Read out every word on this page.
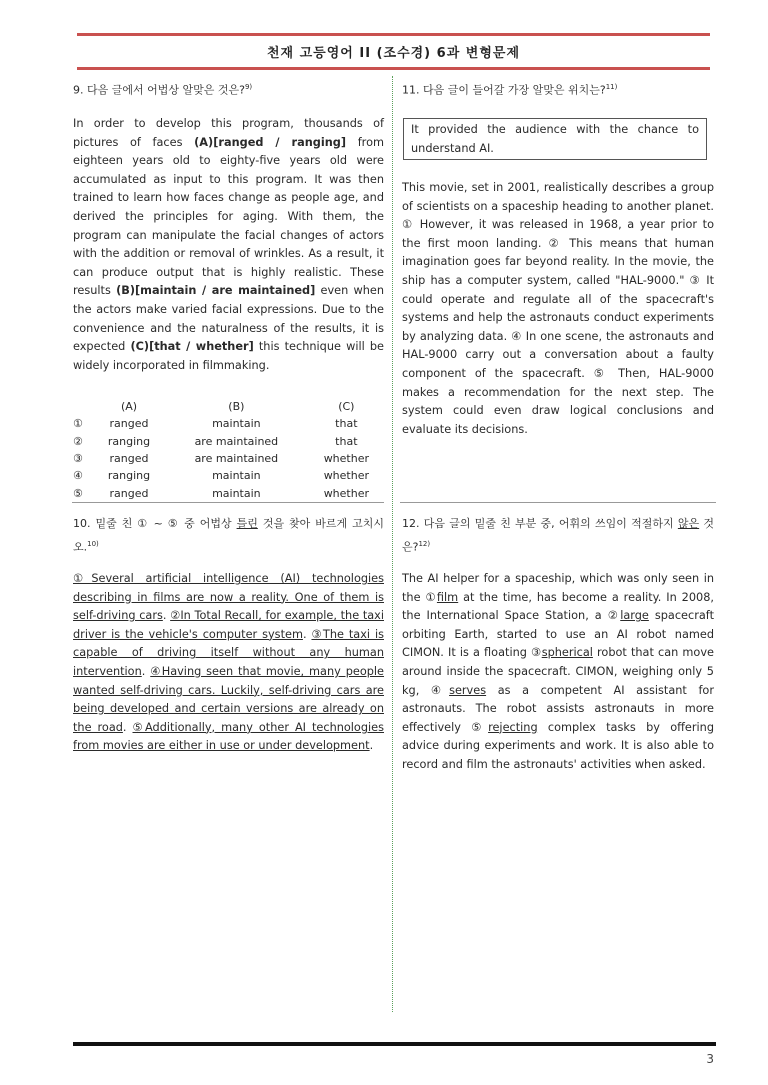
천재 고등영어 II (조수경) 6과 변형문제
9. 다음 글에서 어법상 알맞은 것은?$^{9)}$
In order to develop this program, thousands of pictures of faces (A)[ranged / ranging] from eighteen years old to eighty-five years old were accumulated as input to this program. It was then trained to learn how faces change as people age, and derived the principles for aging. With them, the program can manipulate the facial changes of actors with the addition or removal of wrinkles. As a result, it can produce output that is highly realistic. These results (B)[maintain / are maintained] even when the actors make varied facial expressions. Due to the convenience and the naturalness of the results, it is expected (C)[that / whether] this technique will be widely incorporated in filmmaking.
	(A)	(B)	(C)
①	ranged	maintain	that
②	ranging	are maintained	that
③	ranged	are maintained	whether
④	ranging	maintain	whether
⑤	ranged	maintain	whether
10. 밑줄 친 ① ~ ⑤ 중 어법상 틀린 것을 찾아 바르게 고치시오.$^{10)}$
①Several artificial intelligence (AI) technologies describing in films are now a reality. One of them is self-driving cars. ②In Total Recall, for example, the taxi driver is the vehicle's computer system. ③The taxi is capable of driving itself without any human intervention. ④Having seen that movie, many people wanted self-driving cars. Luckily, self-driving cars are being developed and certain versions are already on the road. ⑤Additionally, many other AI technologies from movies are either in use or under development.
11. 다음 글이 들어갈 가장 알맞은 위치는?$^{11)}$
It provided the audience with the chance to understand AI.
This movie, set in 2001, realistically describes a group of scientists on a spaceship heading to another planet. ① However, it was released in 1968, a year prior to the first moon landing. ② This means that human imagination goes far beyond reality. In the movie, the ship has a computer system, called "HAL-9000." ③ It could operate and regulate all of the spacecraft's systems and help the astronauts conduct experiments by analyzing data. ④ In one scene, the astronauts and HAL-9000 carry out a conversation about a faulty component of the spacecraft. ⑤ Then, HAL-9000 makes a recommendation for the next step. The system could even draw logical conclusions and evaluate its decisions.
12. 다음 글의 밑줄 친 부분 중, 어휘의 쓰임이 적절하지 않은 것은?$^{12)}$
The AI helper for a spaceship, which was only seen in the ①film at the time, has become a reality. In 2008, the International Space Station, a ②large spacecraft orbiting Earth, started to use an AI robot named CIMON. It is a floating ③spherical robot that can move around inside the spacecraft. CIMON, weighing only 5 kg, ④serves as a competent AI assistant for astronauts. The robot assists astronauts in more effectively ⑤rejecting complex tasks by offering advice during experiments and work. It is also able to record and film the astronauts' activities when asked.
3
